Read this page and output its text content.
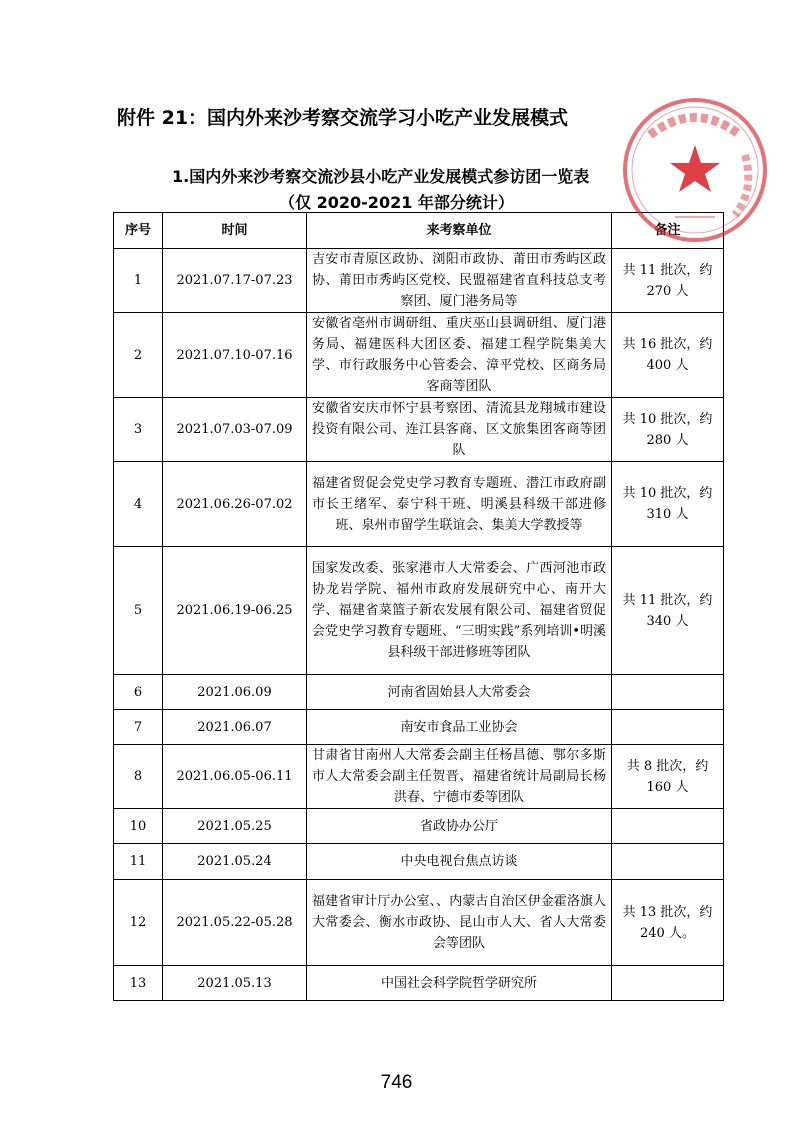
附件 21：国内外来沙考察交流学习小吃产业发展模式
1.国内外来沙考察交流沙县小吃产业发展模式参访团一览表
（仅 2020-2021 年部分统计）
序号	时间	来考察单位	备注
1	2021.07.17-07.23	吉安市青原区政协、浏阳市政协、莆田市秀屿区政协、莆田市秀屿区党校、民盟福建省直科技总支考察团、厦门港务局等	共 11 批次，约 270 人
2	2021.07.10-07.16	安徽省亳州市调研组、重庆巫山县调研组、厦门港务局、福建医科大团区委、福建工程学院集美大学、市行政服务中心管委会、漳平党校、区商务局客商等团队	共 16 批次，约 400 人
3	2021.07.03-07.09	安徽省安庆市怀宁县考察团、清流县龙翔城市建设投资有限公司、连江县客商、区文旅集团客商等团队	共 10 批次，约 280 人
4	2021.06.26-07.02	福建省贸促会党史学习教育专题班、潜江市政府副市长王绪军、泰宁科干班、明溪县科级干部进修班、泉州市留学生联谊会、集美大学教授等	共 10 批次，约 310 人
5	2021.06.19-06.25	国家发改委、张家港市人大常委会、广西河池市政协龙岩学院、福州市政府发展研究中心、南开大学、福建省菜篮子新农发展有限公司、福建省贸促会党史学习教育专题班、“三明实践”系列培训•明溪县科级干部进修班等团队	共 11 批次，约 340 人
6	2021.06.09	河南省固始县人大常委会	
7	2021.06.07	南安市食品工业协会	
8	2021.06.05-06.11	甘肃省甘南州人大常委会副主任杨昌德、鄂尔多斯市人大常委会副主任贺晋、福建省统计局副局长杨洪春、宁德市委等团队	共 8 批次，约 160 人
10	2021.05.25	省政协办公厅	
11	2021.05.24	中央电视台焦点访谈	
12	2021.05.22-05.28	福建省审计厅办公室、、内蒙古自治区伊金霍洛旗人大常委会、衡水市政协、昆山市人大、省人大常委会等团队	共 13 批次，约 240 人。
13	2021.05.13	中国社会科学院哲学研究所	
746
